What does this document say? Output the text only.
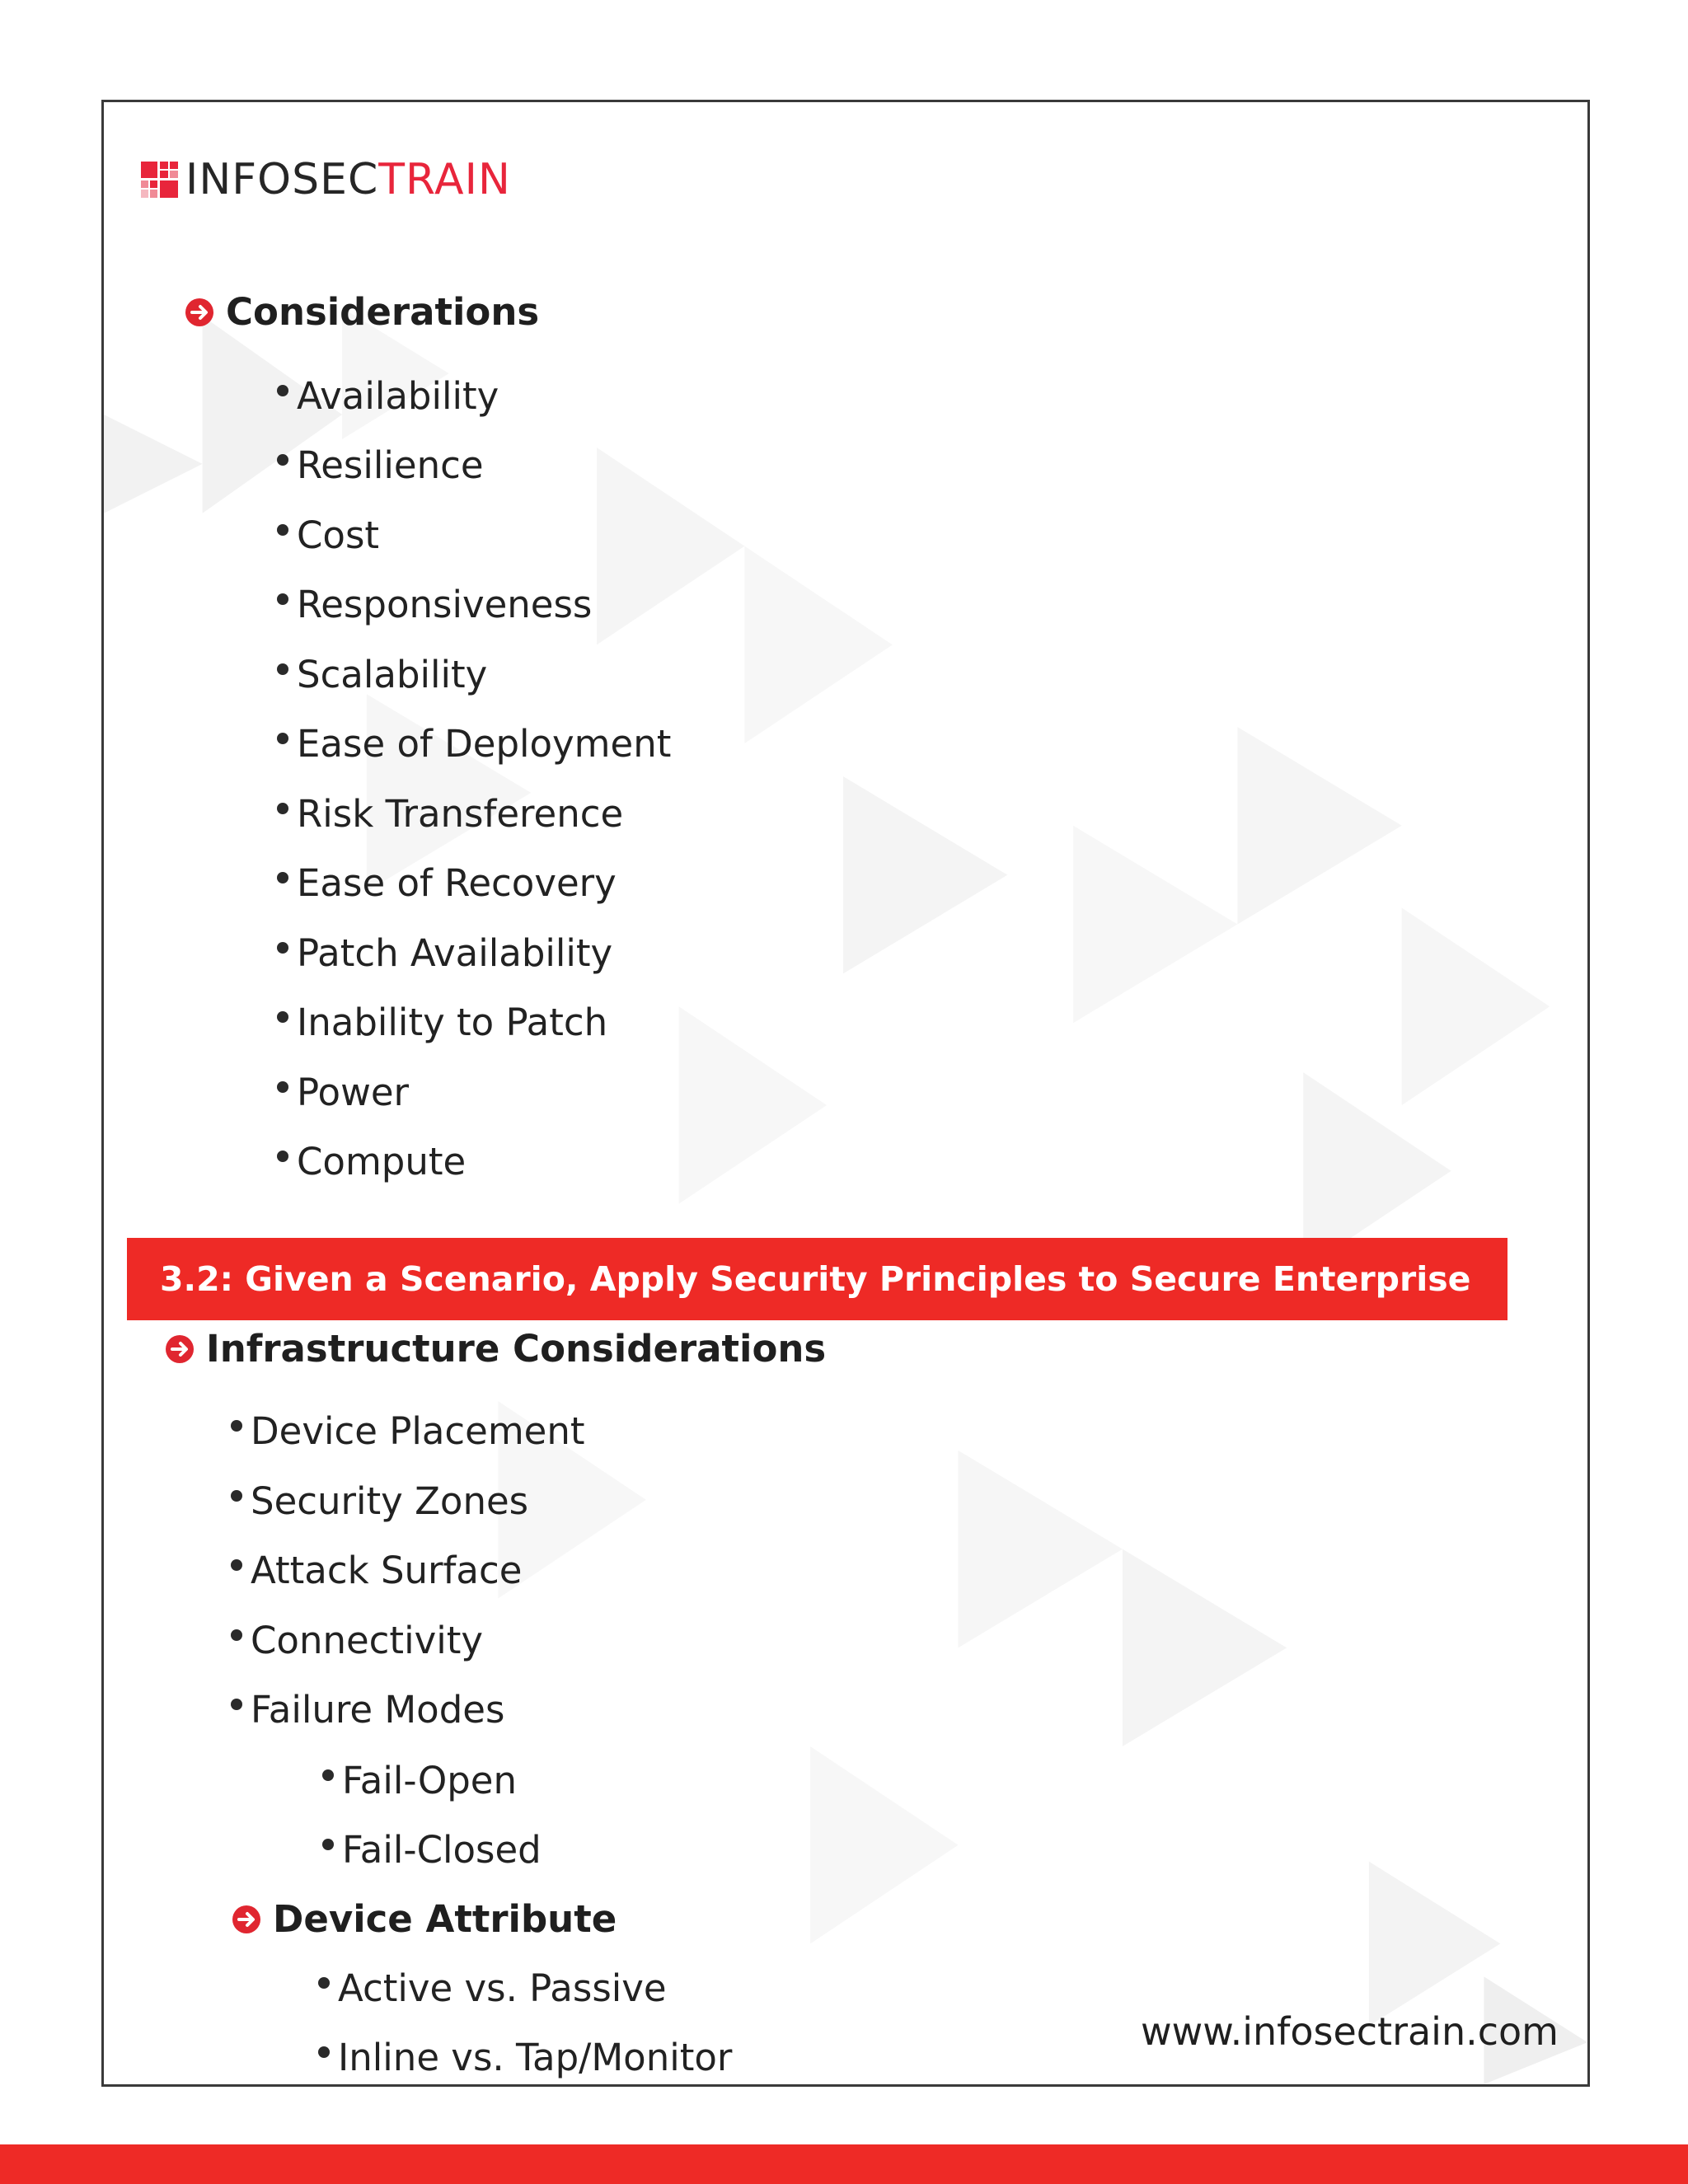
INFOSECTRAIN
Considerations
Availability
Resilience
Cost
Responsiveness
Scalability
Ease of Deployment
Risk Transference
Ease of Recovery
Patch Availability
Inability to Patch
Power
Compute
3.2: Given a Scenario, Apply Security Principles to Secure Enterprise
Infrastructure Considerations
Device Placement
Security Zones
Attack Surface
Connectivity
Failure Modes
Fail-Open
Fail-Closed
Device Attribute
Active vs. Passive
Inline vs. Tap/Monitor
www.infosectrain.com
